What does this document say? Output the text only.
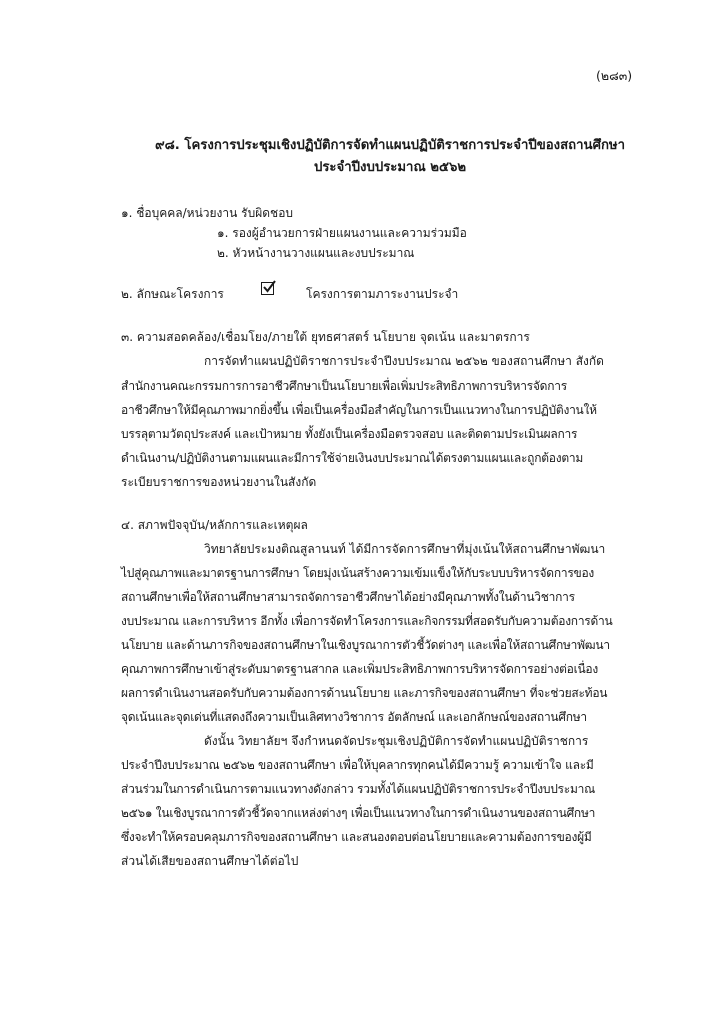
(๒๘๓)
๙๘. โครงการประชุมเชิงปฏิบัติการจัดทำแผนปฏิบัติราชการประจำปีของสถานศึกษา
ประจำปีงบประมาณ ๒๕๖๒
๑. ชื่อบุคคล/หน่วยงาน รับผิดชอบ
๑. รองผู้อำนวยการฝ่ายแผนงานและความร่วมมือ
๒. หัวหน้างานวางแผนและงบประมาณ
๒. ลักษณะโครงการ	โครงการตามภาระงานประจำ
๓. ความสอดคล้อง/เชื่อมโยง/ภายใต้ ยุทธศาสตร์ นโยบาย จุดเน้น และมาตรการ
การจัดทำแผนปฏิบัติราชการประจำปีงบประมาณ ๒๕๖๒ ของสถานศึกษา สังกัด
สำนักงานคณะกรรมการการอาชีวศึกษาเป็นนโยบายเพื่อเพิ่มประสิทธิภาพการบริหารจัดการ
อาชีวศึกษาให้มีคุณภาพมากยิ่งขึ้น เพื่อเป็นเครื่องมือสำคัญในการเป็นแนวทางในการปฏิบัติงานให้
บรรลุตามวัตถุประสงค์ และเป้าหมาย ทั้งยังเป็นเครื่องมือตรวจสอบ และติดตามประเมินผลการ
ดำเนินงาน/ปฏิบัติงานตามแผนและมีการใช้จ่ายเงินงบประมาณได้ตรงตามแผนและถูกต้องตาม
ระเบียบราชการของหน่วยงานในสังกัด
๔. สภาพปัจจุบัน/หลักการและเหตุผล
วิทยาลัยประมงติณสูลานนท์ ได้มีการจัดการศึกษาที่มุ่งเน้นให้สถานศึกษาพัฒนา
ไปสู่คุณภาพและมาตรฐานการศึกษา โดยมุ่งเน้นสร้างความเข้มแข็งให้กับระบบบริหารจัดการของ
สถานศึกษาเพื่อให้สถานศึกษาสามารถจัดการอาชีวศึกษาได้อย่างมีคุณภาพทั้งในด้านวิชาการ
งบประมาณ และการบริหาร อีกทั้ง เพื่อการจัดทำโครงการและกิจกรรมที่สอดรับกับความต้องการด้าน
นโยบาย และด้านภารกิจของสถานศึกษาในเชิงบูรณาการตัวชี้วัดต่างๆ และเพื่อให้สถานศึกษาพัฒนา
คุณภาพการศึกษาเข้าสู่ระดับมาตรฐานสากล และเพิ่มประสิทธิภาพการบริหารจัดการอย่างต่อเนื่อง
ผลการดำเนินงานสอดรับกับความต้องการด้านนโยบาย และภารกิจของสถานศึกษา ที่จะช่วยสะท้อน
จุดเน้นและจุดเด่นที่แสดงถึงความเป็นเลิศทางวิชาการ อัตลักษณ์ และเอกลักษณ์ของสถานศึกษา
ดังนั้น วิทยาลัยฯ จึงกำหนดจัดประชุมเชิงปฏิบัติการจัดทำแผนปฏิบัติราชการ
ประจำปีงบประมาณ ๒๕๖๒ ของสถานศึกษา เพื่อให้บุคลากรทุกคนได้มีความรู้ ความเข้าใจ และมี
ส่วนร่วมในการดำเนินการตามแนวทางดังกล่าว รวมทั้งได้แผนปฏิบัติราชการประจำปีงบประมาณ
๒๕๖๑ ในเชิงบูรณาการตัวชี้วัดจากแหล่งต่างๆ เพื่อเป็นแนวทางในการดำเนินงานของสถานศึกษา
ซึ่งจะทำให้ครอบคลุมภารกิจของสถานศึกษา และสนองตอบต่อนโยบายและความต้องการของผู้มี
ส่วนได้เสียของสถานศึกษาได้ต่อไป
